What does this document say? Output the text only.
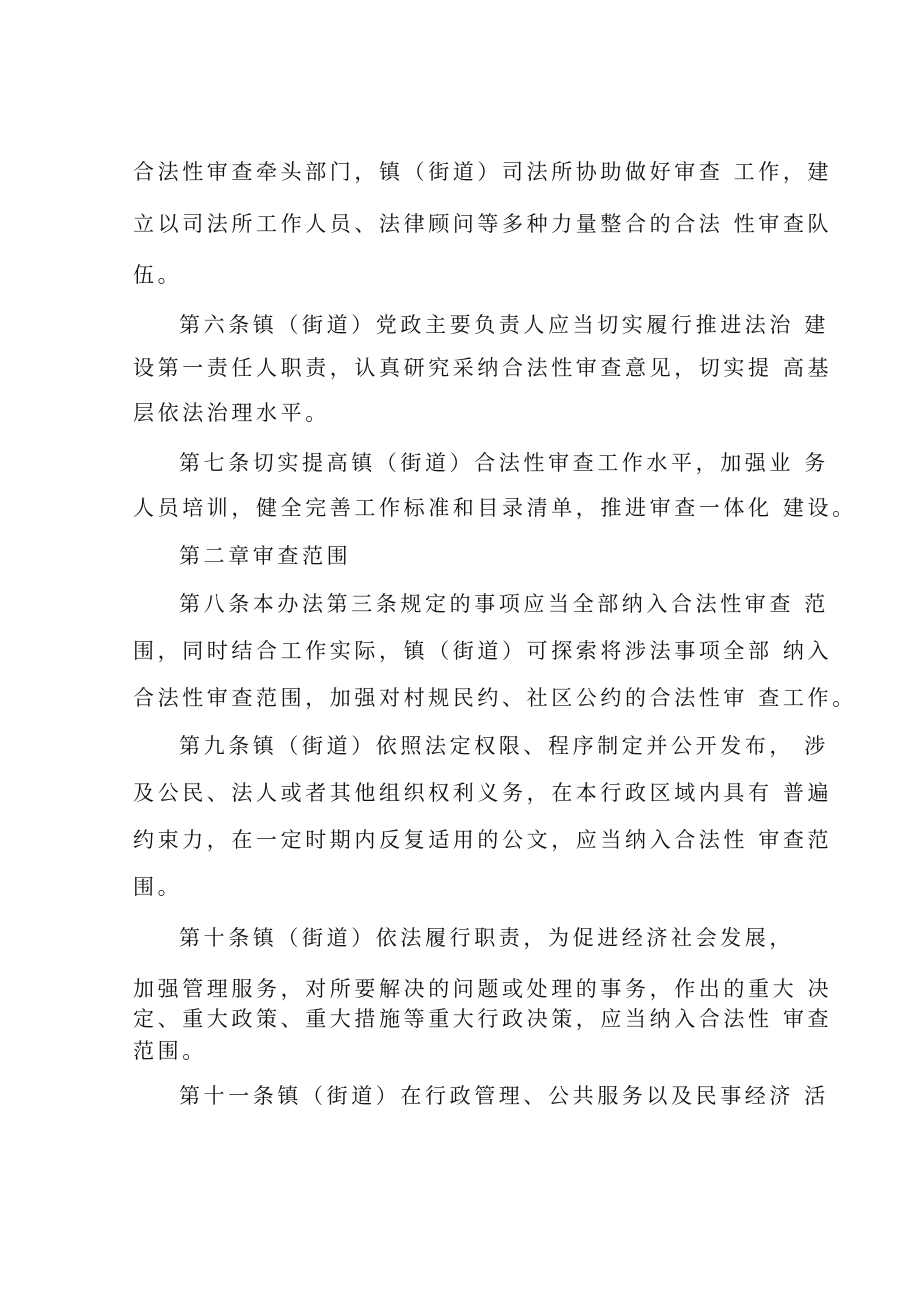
合法性审查牵头部门，镇（街道）司法所协助做好审查 工作，建
立以司法所工作人员、法律顾问等多种力量整合的合法 性审查队
伍。
第六条镇（街道）党政主要负责人应当切实履行推进法治 建
设第一责任人职责，认真研究采纳合法性审查意见，切实提 高基
层依法治理水平。
第七条切实提高镇（街道）合法性审查工作水平，加强业 务
人员培训，健全完善工作标准和目录清单，推进审查一体化 建设。
第二章审查范围
第八条本办法第三条规定的事项应当全部纳入合法性审查 范
围，同时结合工作实际，镇（街道）可探索将涉法事项全部 纳入
合法性审查范围，加强对村规民约、社区公约的合法性审 查工作。
第九条镇（街道）依照法定权限、程序制定并公开发布， 涉
及公民、法人或者其他组织权利义务，在本行政区域内具有 普遍
约束力，在一定时期内反复适用的公文，应当纳入合法性 审查范
围。
第十条镇（街道）依法履行职责，为促进经济社会发展，
加强管理服务，对所要解决的问题或处理的事务，作出的重大 决
定、重大政策、重大措施等重大行政决策，应当纳入合法性 审查
范围。
第十一条镇（街道）在行政管理、公共服务以及民事经济 活
